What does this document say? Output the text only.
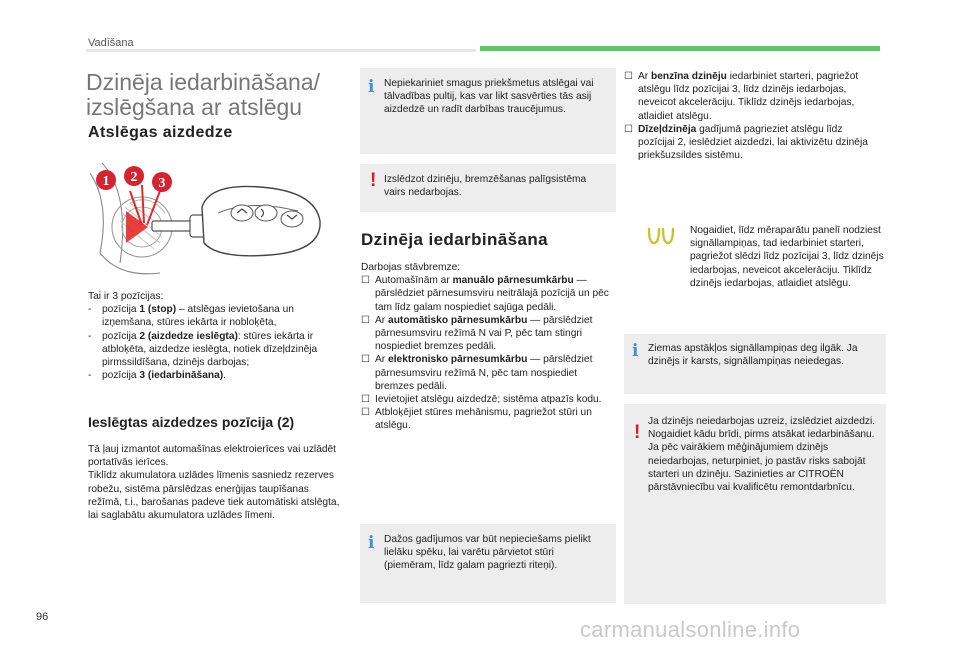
Vadīšana
Dzinēja iedarbināšana/
izslēgšana ar atslēgu
Atslēgas aizdedze
1 2 3
Tai ir 3 pozīcijas:
- pozīcija 1 (stop) – atslēgas ievietošana un izņemšana, stūres iekārta ir nobloķēta,
- pozīcija 2 (aizdedze ieslēgta): stūres iekārta ir atbloķēta, aizdedze ieslēgta, notiek dīzeļdzinēja pirmssildīšana, dzinējs darbojas;
- pozīcija 3 (iedarbināšana).
Ieslēgtas aizdedzes pozīcija (2)
Tā ļauj izmantot automašīnas elektroierīces vai uzlādēt portatīvās ierīces.
Tiklīdz akumulatora uzlādes līmenis sasniedz rezerves robežu, sistēma pārslēdzas enerģijas taupīšanas režīmā, t.i., barošanas padeve tiek automātiski atslēgta, lai saglabātu akumulatora uzlādes līmeni.
i Nepiekariniet smagus priekšmetus atslēgai vai tālvadības pultij, kas var likt sasvērties tās asij aizdedzē un radīt darbības traucējumus.
! Izslēdzot dzinēju, bremzēšanas palīgsistēma vairs nedarbojas.
Dzinēja iedarbināšana
Darbojas stāvbremze:
☐ Automašīnām ar manuālo pārnesumkārbu — pārslēdziet pārnesumsviru neitrālajā pozīcijā un pēc tam līdz galam nospiediet sajūga pedāli.
☐ Ar automātisko pārnesumkārbu — pārslēdziet pārnesumsviru režīmā N vai P, pēc tam stingri nospiediet bremzes pedāli.
☐ Ar elektronisko pārnesumkārbu — pārslēdziet pārnesumsviru režīmā N, pēc tam nospiediet bremzes pedāli.
☐ Ievietojiet atslēgu aizdedzē; sistēma atpazīs kodu.
☐ Atbloķējiet stūres mehānismu, pagriežot stūri un atslēgu.
i Dažos gadījumos var būt nepieciešams pielikt lielāku spēku, lai varētu pārvietot stūri (piemēram, līdz galam pagriezti riteņi).
☐ Ar benzīna dzinēju iedarbiniet starteri, pagriežot atslēgu līdz pozīcijai 3, līdz dzinējs iedarbojas, neveicot akcelerāciju. Tiklīdz dzinējs iedarbojas, atlaidiet atslēgu.
☐ Dīzeļdzinēja gadījumā pagrieziet atslēgu līdz pozīcijai 2, ieslēdziet aizdedzi, lai aktivizētu dzinēja priekšuzsildes sistēmu.
Nogaidiet, līdz mēraparātu panelī nodziest signāllampiņas, tad iedarbiniet starteri, pagriežot slēdzi līdz pozīcijai 3, līdz dzinējs iedarbojas, neveicot akcelerāciju. Tiklīdz dzinējs iedarbojas, atlaidiet atslēgu.
i Ziemas apstākļos signāllampiņas deg ilgāk. Ja dzinējs ir karsts, signāllampiņas neiedegas.
!
Ja dzinējs neiedarbojas uzreiz, izslēdziet aizdedzi. Nogaidiet kādu brīdi, pirms atsākat iedarbināšanu. Ja pēc vairākiem mēģinājumiem dzinējs neiedarbojas, neturpiniet, jo pastāv risks sabojāt starteri un dzinēju. Sazinieties ar CITROËN pārstāvniecību vai kvalificētu remontdarbnīcu.
96	carmanualsonline.info
